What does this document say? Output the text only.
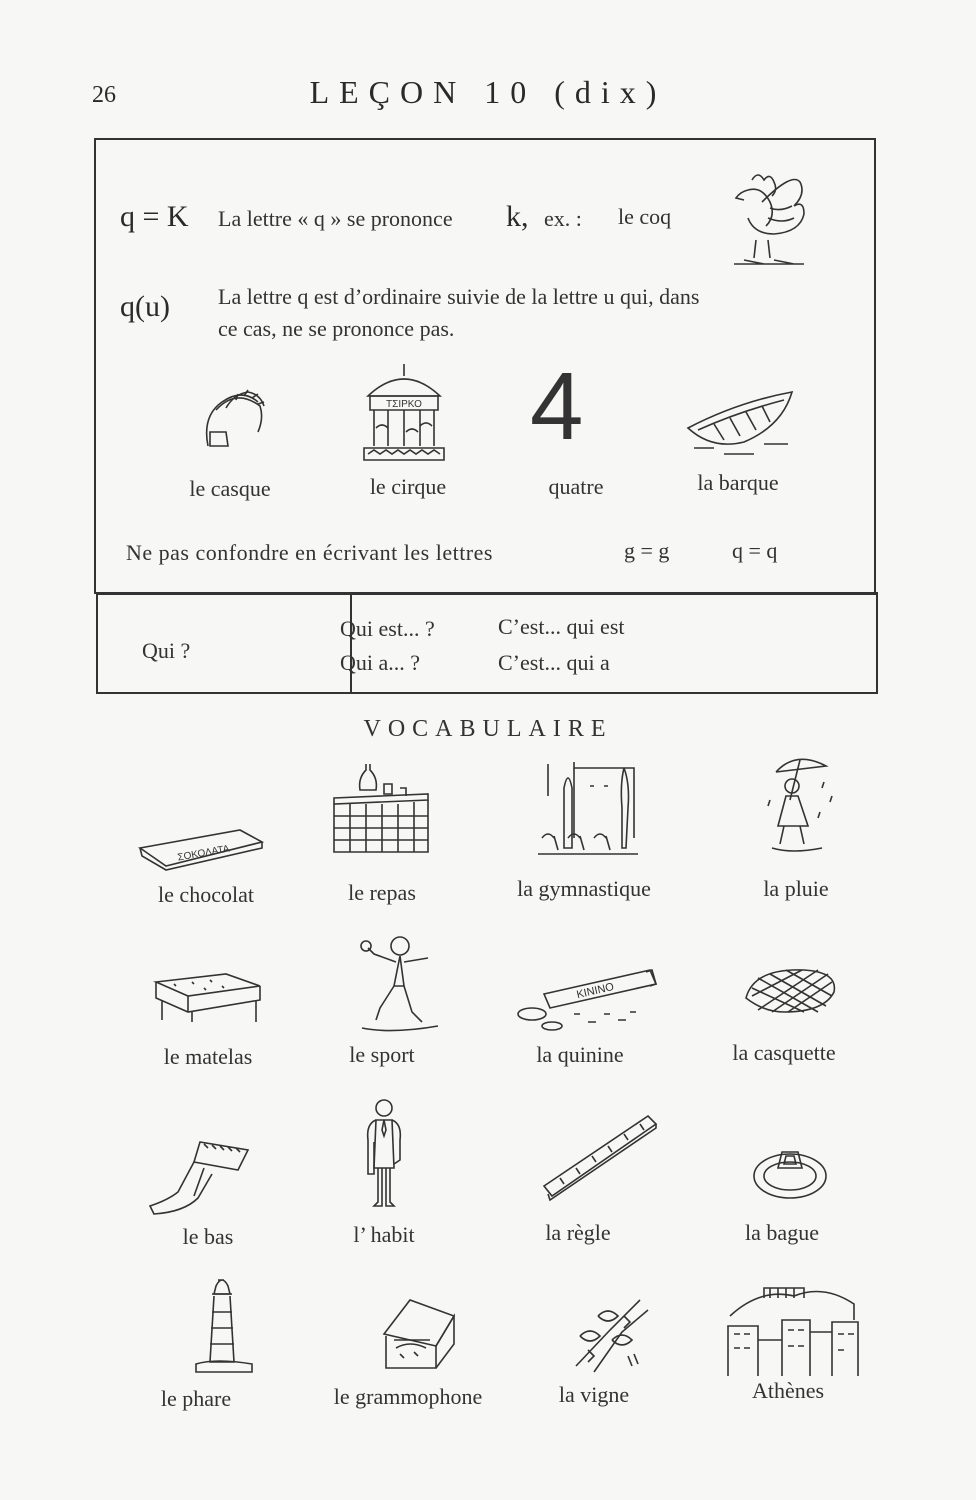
26	LEÇON 10 (dix)
q = K La lettre « q » se prononce k, ex. : le coq
q(u) La lettre q est d’ordinaire suivie de la lettre u qui, dans
ce cas, ne se prononce pas.
ΤΣΙΡΚΟ 4
le casque	le cirque	quatre	la barque
Ne pas confondre en écrivant les lettres	g = g	q = q
Qui ?
Qui est... ?	C’est... qui est
Qui a... ?	C’est... qui a
VOCABULAIRE
ΣΟΚΟΛΑΤΑ
le chocolat	le repas	la gymnastique	la pluie
KININO
le matelas	le sport	la quinine	la casquette
le bas	l’ habit	la règle	la bague
le phare	le grammophone	la vigne	Athènes
